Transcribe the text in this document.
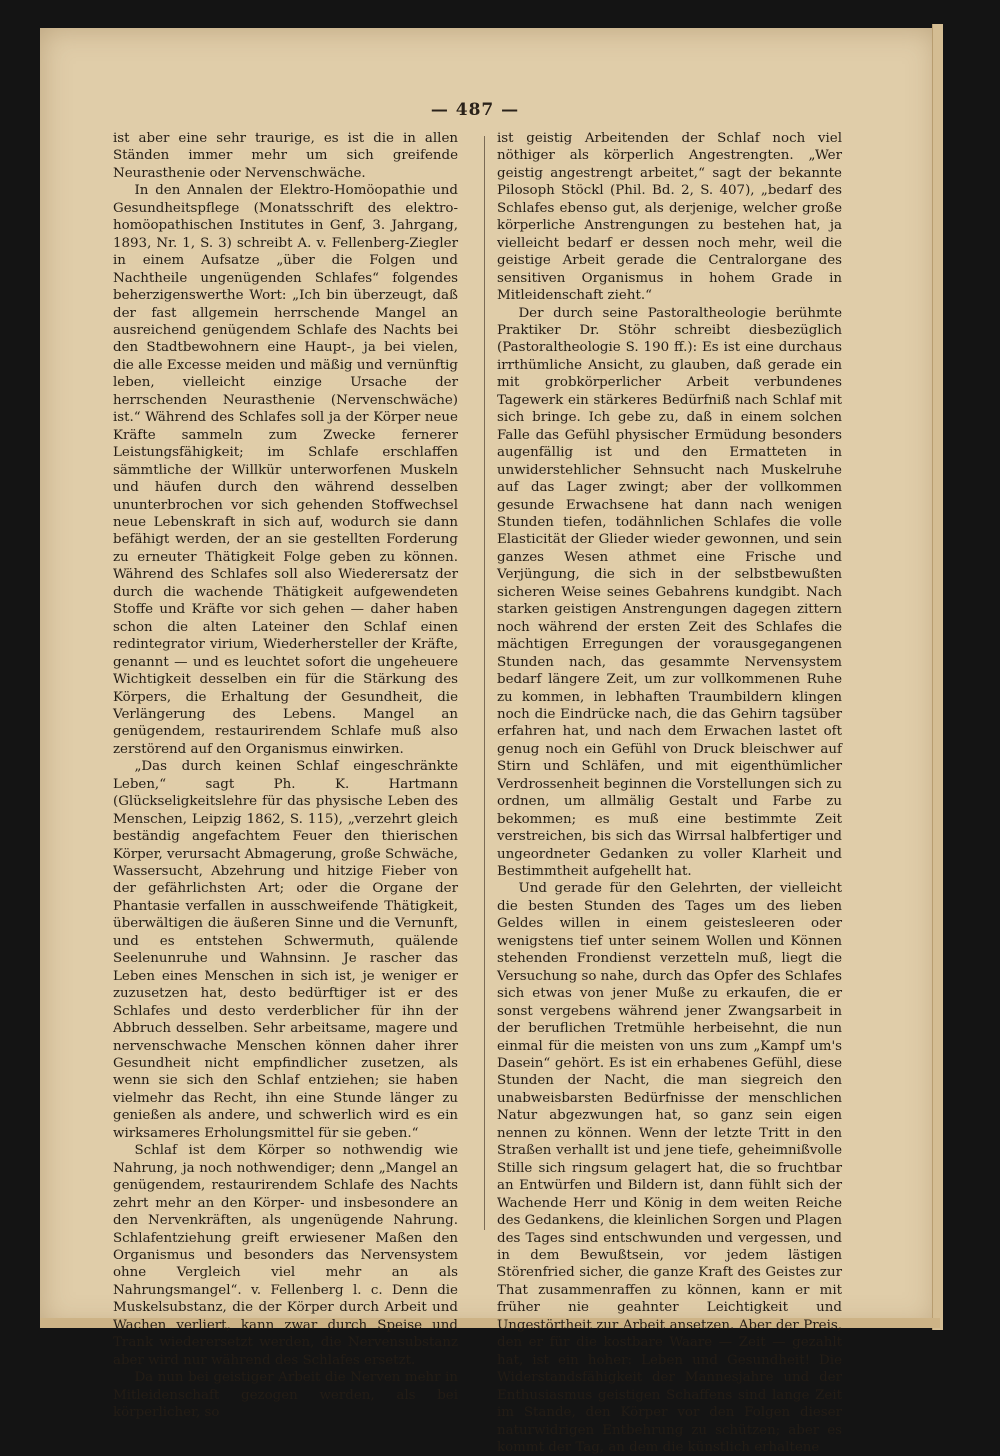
— 487 —

ist aber eine sehr traurige, es ist die in allen Ständen immer mehr um sich greifende Neurasthenie oder Nervenschwäche.

In den Annalen der Elektro-Homöopathie und Gesundheitspflege (Monatsschrift des elektro-homöopathischen Institutes in Genf, 3. Jahrgang, 1893, Nr. 1, S. 3) schreibt A. v. Fellenberg-Ziegler in einem Aufsatze „über die Folgen und Nachtheile ungenügenden Schlafes“ folgendes beherzigenswerthe Wort: „Ich bin überzeugt, daß der fast allgemein herrschende Mangel an ausreichend genügendem Schlafe des Nachts bei den Stadtbewohnern eine Haupt-, ja bei vielen, die alle Excesse meiden und mäßig und vernünftig leben, vielleicht einzige Ursache der herrschenden Neurasthenie (Nervenschwäche) ist.“ Während des Schlafes soll ja der Körper neue Kräfte sammeln zum Zwecke fernerer Leistungsfähigkeit; im Schlafe erschlaffen sämmtliche der Willkür unterworfenen Muskeln und häufen durch den während desselben ununterbrochen vor sich gehenden Stoffwechsel neue Lebenskraft in sich auf, wodurch sie dann befähigt werden, der an sie gestellten Forderung zu erneuter Thätigkeit Folge geben zu können. Während des Schlafes soll also Wiederersatz der durch die wachende Thätigkeit aufgewendeten Stoffe und Kräfte vor sich gehen — daher haben schon die alten Lateiner den Schlaf einen redintegrator virium, Wiederhersteller der Kräfte, genannt — und es leuchtet sofort die ungeheuere Wichtigkeit desselben ein für die Stärkung des Körpers, die Erhaltung der Gesundheit, die Verlängerung des Lebens. Mangel an genügendem, restaurirendem Schlafe muß also zerstörend auf den Organismus einwirken.

„Das durch keinen Schlaf eingeschränkte Leben,“ sagt Ph. K. Hartmann (Glückseligkeitslehre für das physische Leben des Menschen, Leipzig 1862, S. 115), „verzehrt gleich beständig angefachtem Feuer den thierischen Körper, verursacht Abmagerung, große Schwäche, Wassersucht, Abzehrung und hitzige Fieber von der gefährlichsten Art; oder die Organe der Phantasie verfallen in ausschweifende Thätigkeit, überwältigen die äußeren Sinne und die Vernunft, und es entstehen Schwermuth, quälende Seelenunruhe und Wahnsinn. Je rascher das Leben eines Menschen in sich ist, je weniger er zuzusetzen hat, desto bedürftiger ist er des Schlafes und desto verderblicher für ihn der Abbruch desselben. Sehr arbeitsame, magere und nervenschwache Menschen können daher ihrer Gesundheit nicht empfindlicher zusetzen, als wenn sie sich den Schlaf entziehen; sie haben vielmehr das Recht, ihn eine Stunde länger zu genießen als andere, und schwerlich wird es ein wirksameres Erholungsmittel für sie geben.“

Schlaf ist dem Körper so nothwendig wie Nahrung, ja noch nothwendiger; denn „Mangel an genügendem, restaurirendem Schlafe des Nachts zehrt mehr an den Körper- und insbesondere an den Nervenkräften, als ungenügende Nahrung. Schlafentziehung greift erwiesener Maßen den Organismus und besonders das Nervensystem ohne Vergleich viel mehr an als Nahrungsmangel“. v. Fellenberg l. c. Denn die Muskelsubstanz, die der Körper durch Arbeit und Wachen verliert, kann zwar durch Speise und Trank wiederersetzt werden, die Nervensubstanz aber wird nur während des Schlafes ersetzt.

Da nun bei geistiger Arbeit die Nerven mehr in Mitleidenschaft gezogen werden, als bei körperlicher, so

ist geistig Arbeitenden der Schlaf noch viel nöthiger als körperlich Angestrengten. „Wer geistig angestrengt arbeitet,“ sagt der bekannte Pilosoph Stöckl (Phil. Bd. 2, S. 407), „bedarf des Schlafes ebenso gut, als derjenige, welcher große körperliche Anstrengungen zu bestehen hat, ja vielleicht bedarf er dessen noch mehr, weil die geistige Arbeit gerade die Centralorgane des sensitiven Organismus in hohem Grade in Mitleidenschaft zieht.“

Der durch seine Pastoraltheologie berühmte Praktiker Dr. Stöhr schreibt diesbezüglich (Pastoraltheologie S. 190 ff.): Es ist eine durchaus irrthümliche Ansicht, zu glauben, daß gerade ein mit grobkörperlicher Arbeit verbundenes Tagewerk ein stärkeres Bedürfniß nach Schlaf mit sich bringe. Ich gebe zu, daß in einem solchen Falle das Gefühl physischer Ermüdung besonders augenfällig ist und den Ermatteten in unwiderstehlicher Sehnsucht nach Muskelruhe auf das Lager zwingt; aber der vollkommen gesunde Erwachsene hat dann nach wenigen Stunden tiefen, todähnlichen Schlafes die volle Elasticität der Glieder wieder gewonnen, und sein ganzes Wesen athmet eine Frische und Verjüngung, die sich in der selbstbewußten sicheren Weise seines Gebahrens kundgibt. Nach starken geistigen Anstrengungen dagegen zittern noch während der ersten Zeit des Schlafes die mächtigen Erregungen der vorausgegangenen Stunden nach, das gesammte Nervensystem bedarf längere Zeit, um zur vollkommenen Ruhe zu kommen, in lebhaften Traumbildern klingen noch die Eindrücke nach, die das Gehirn tagsüber erfahren hat, und nach dem Erwachen lastet oft genug noch ein Gefühl von Druck bleischwer auf Stirn und Schläfen, und mit eigenthümlicher Verdrossenheit beginnen die Vorstellungen sich zu ordnen, um allmälig Gestalt und Farbe zu bekommen; es muß eine bestimmte Zeit verstreichen, bis sich das Wirrsal halbfertiger und ungeordneter Gedanken zu voller Klarheit und Bestimmtheit aufgehellt hat.

Und gerade für den Gelehrten, der vielleicht die besten Stunden des Tages um des lieben Geldes willen in einem geistesleeren oder wenigstens tief unter seinem Wollen und Können stehenden Frondienst verzetteln muß, liegt die Versuchung so nahe, durch das Opfer des Schlafes sich etwas von jener Muße zu erkaufen, die er sonst vergebens während jener Zwangsarbeit in der beruflichen Tretmühle herbeisehnt, die nun einmal für die meisten von uns zum „Kampf um's Dasein“ gehört. Es ist ein erhabenes Gefühl, diese Stunden der Nacht, die man siegreich den unabweisbarsten Bedürfnisse der menschlichen Natur abgezwungen hat, so ganz sein eigen nennen zu können. Wenn der letzte Tritt in den Straßen verhallt ist und jene tiefe, geheimnißvolle Stille sich ringsum gelagert hat, die so fruchtbar an Entwürfen und Bildern ist, dann fühlt sich der Wachende Herr und König in dem weiten Reiche des Gedankens, die kleinlichen Sorgen und Plagen des Tages sind entschwunden und vergessen, und in dem Bewußtsein, vor jedem lästigen Störenfried sicher, die ganze Kraft des Geistes zur That zusammenraffen zu können, kann er mit früher nie geahnter Leichtigkeit und Ungestörtheit zur Arbeit ansetzen. Aber der Preis, den er für die kostbare Waare — Zeit — gezahlt hat, ist ein hoher: Leben und Gesundheit! Die Widerstandsfähigkeit der Mannesjahre und der Enthusiasmus geistigen Schaffens sind lange Zeit im Stande, den Körper vor den Folgen dieser naturwidrigen Entbehrung zu schützen; aber es kommt der Tag, an dem die künstlich erhaltene
